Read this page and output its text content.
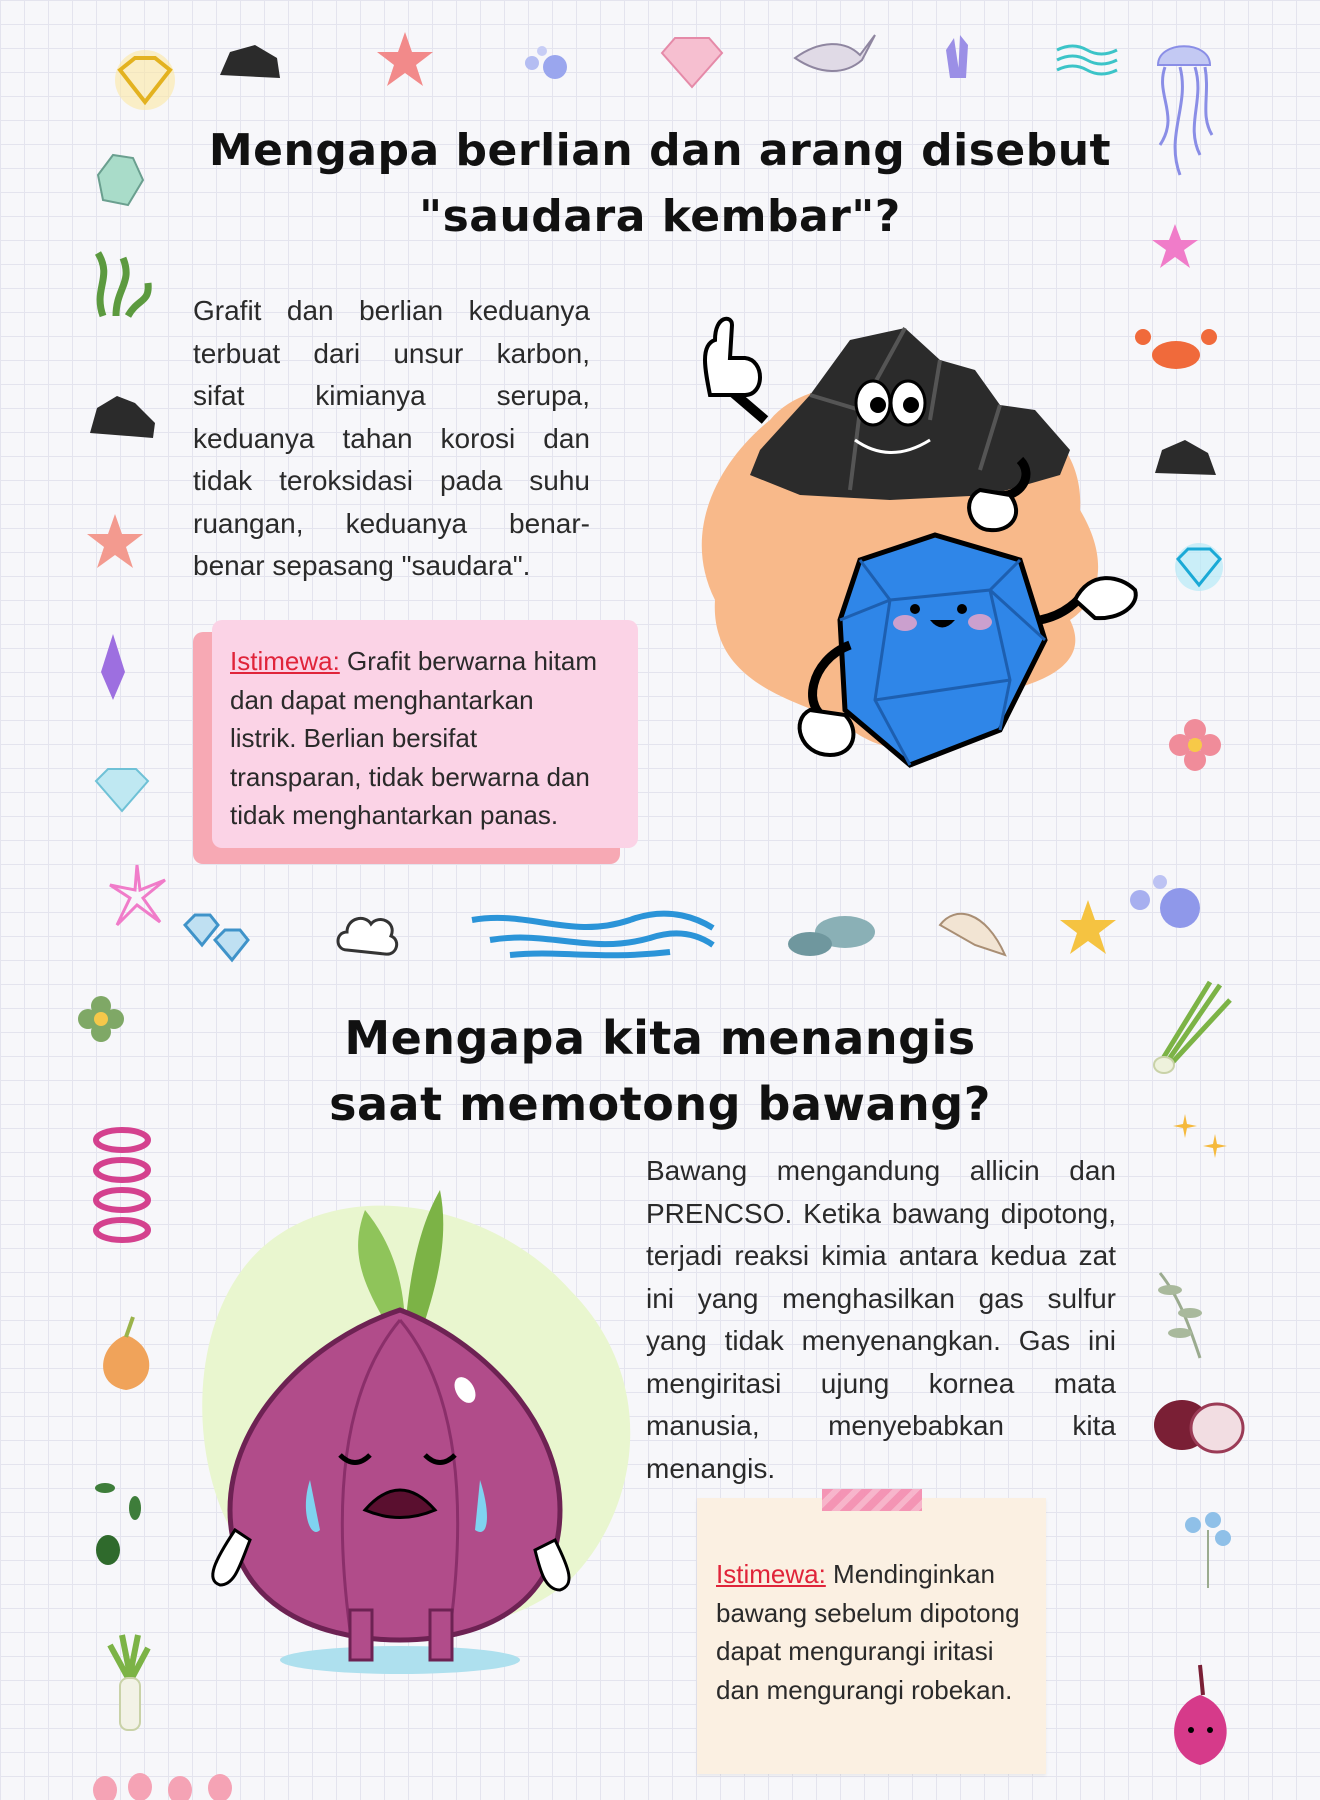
Mengapa berlian dan arang disebut
"saudara kembar"?
Grafit dan berlian keduanya
terbuat dari unsur karbon,
sifat kimianya serupa,
keduanya tahan korosi dan
tidak teroksidasi pada suhu
ruangan, keduanya benar-
benar sepasang "saudara".
Istimewa: Grafit berwarna hitam
dan dapat menghantarkan
listrik. Berlian bersifat
transparan, tidak berwarna dan
tidak menghantarkan panas.
Mengapa kita menangis
saat memotong bawang?
Bawang mengandung allicin dan
PRENCSO. Ketika bawang dipotong,
terjadi reaksi kimia antara kedua zat
ini yang menghasilkan gas sulfur
yang tidak menyenangkan. Gas ini
mengiritasi ujung kornea mata
manusia, menyebabkan kita
menangis.
Istimewa: Mendinginkan
bawang sebelum dipotong
dapat mengurangi iritasi
dan mengurangi robekan.
